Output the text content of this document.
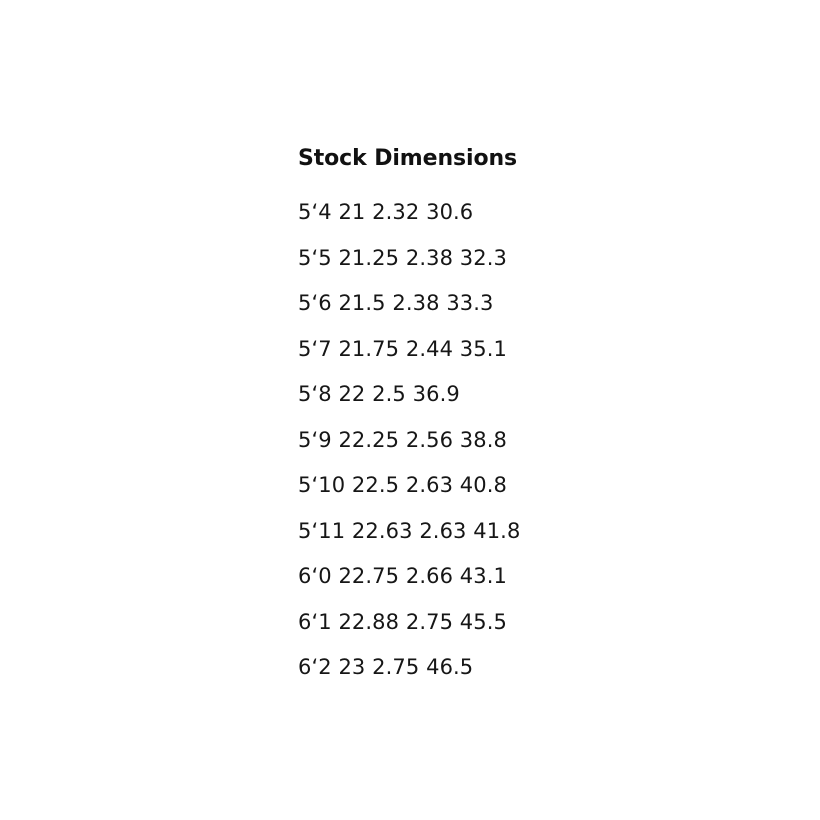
Stock Dimensions
5‘4 21 2.32 30.6
5‘5 21.25 2.38 32.3
5‘6 21.5 2.38 33.3
5‘7 21.75 2.44 35.1
5‘8 22 2.5 36.9
5‘9 22.25 2.56 38.8
5‘10 22.5 2.63 40.8
5‘11 22.63 2.63 41.8
6‘0 22.75 2.66 43.1
6‘1 22.88 2.75 45.5
6‘2 23 2.75 46.5
